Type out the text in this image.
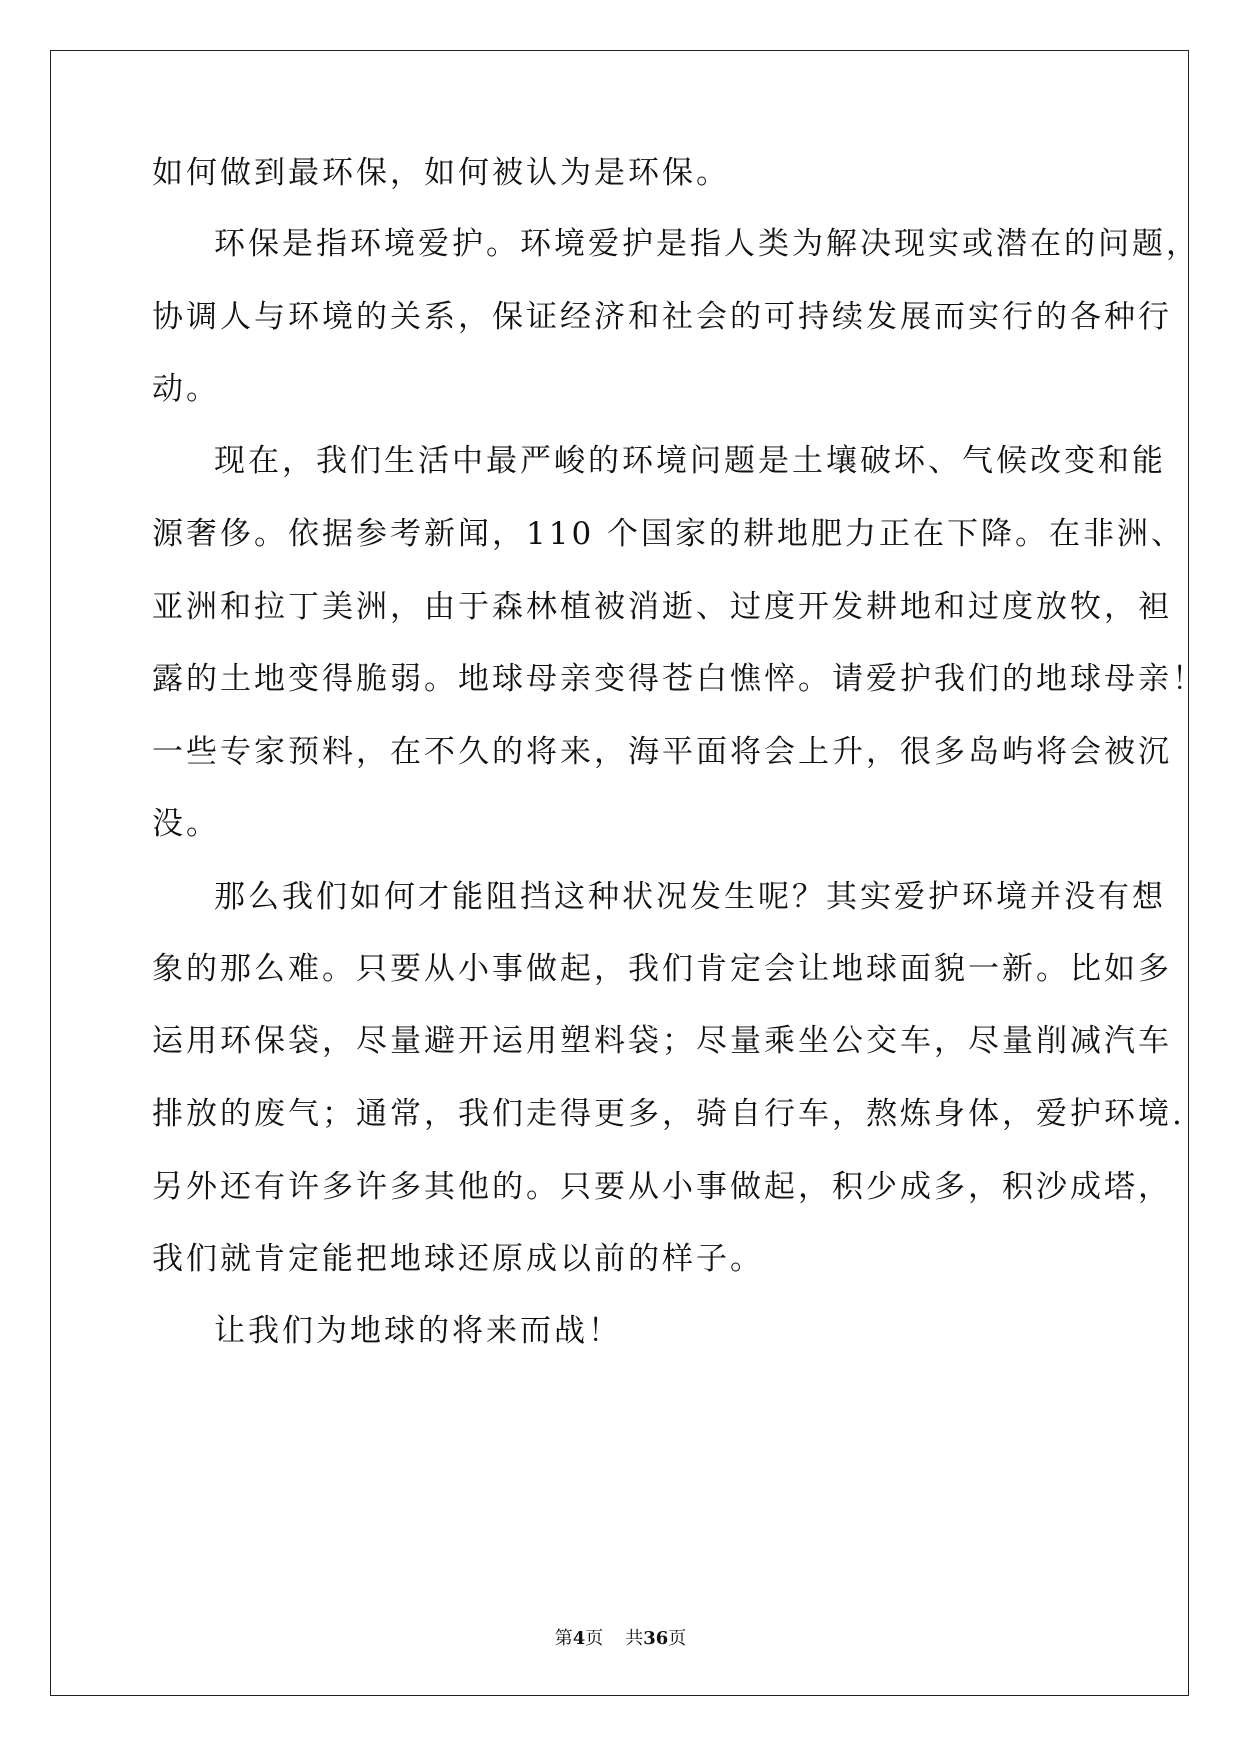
如何做到最环保，如何被认为是环保。
环保是指环境爱护。环境爱护是指人类为解决现实或潜在的问题，
协调人与环境的关系，保证经济和社会的可持续发展而实行的各种行
动。
现在，我们生活中最严峻的环境问题是土壤破坏、气候改变和能
源奢侈。依据参考新闻，110 个国家的耕地肥力正在下降。在非洲、
亚洲和拉丁美洲，由于森林植被消逝、过度开发耕地和过度放牧，袒
露的土地变得脆弱。地球母亲变得苍白憔悴。请爱护我们的地球母亲！
一些专家预料，在不久的将来，海平面将会上升，很多岛屿将会被沉
没。
那么我们如何才能阻挡这种状况发生呢？其实爱护环境并没有想
象的那么难。只要从小事做起，我们肯定会让地球面貌一新。比如多
运用环保袋，尽量避开运用塑料袋；尽量乘坐公交车，尽量削减汽车
排放的废气；通常，我们走得更多，骑自行车，熬炼身体，爱护环境.
另外还有许多许多其他的。只要从小事做起，积少成多，积沙成塔，
我们就肯定能把地球还原成以前的样子。
让我们为地球的将来而战！
第4页 共36页
